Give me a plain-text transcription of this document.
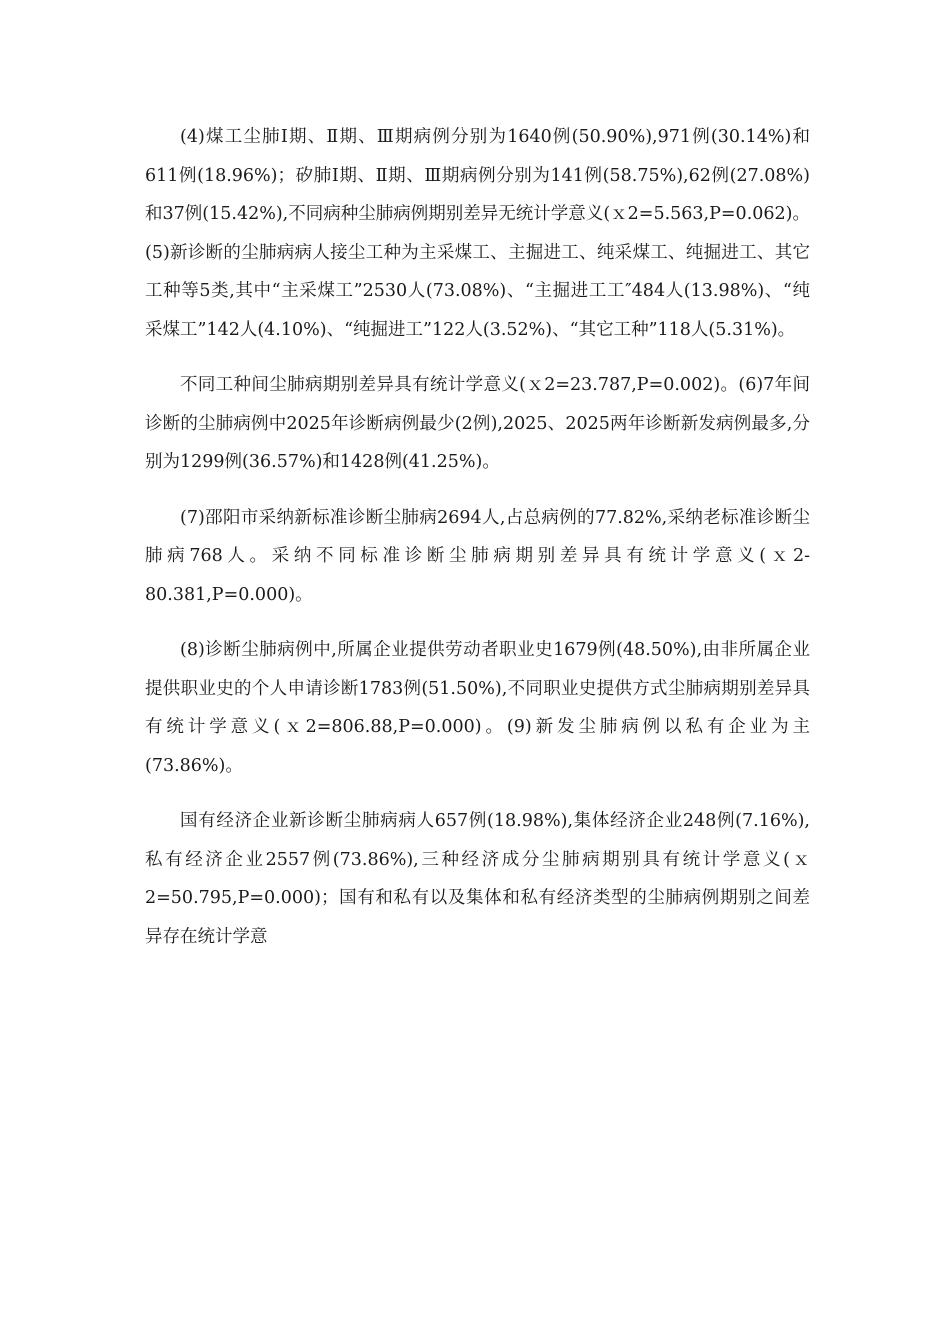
(4)煤工尘肺Ⅰ期、Ⅱ期、Ⅲ期病例分别为1640例(50.90%),971例(30.14%)和611例(18.96%)；矽肺Ⅰ期、Ⅱ期、Ⅲ期病例分别为141例(58.75%),62例(27.08%)和37例(15.42%),不同病种尘肺病例期别差异无统计学意义(ｘ2=5.563,P=0.062)。(5)新诊断的尘肺病病人接尘工种为主采煤工、主掘进工、纯采煤工、纯掘进工、其它工种等5类,其中“主采煤工”2530人(73.08%)、“主掘进工工″484人(13.98%)、“纯采煤工”142人(4.10%)、“纯掘进工”122人(3.52%)、“其它工种”118人(5.31%)。

不同工种间尘肺病期别差异具有统计学意义(ｘ2=23.787,P=0.002)。(6)7年间诊断的尘肺病例中2025年诊断病例最少(2例),2025、2025两年诊断新发病例最多,分别为1299例(36.57%)和1428例(41.25%)。

(7)邵阳市采纳新标准诊断尘肺病2694人,占总病例的77.82%,采纳老标准诊断尘肺病768人。采纳不同标准诊断尘肺病期别差异具有统计学意义(ｘ2-80.381,P=0.000)。

(8)诊断尘肺病例中,所属企业提供劳动者职业史1679例(48.50%),由非所属企业提供职业史的个人申请诊断1783例(51.50%),不同职业史提供方式尘肺病期别差异具有统计学意义(ｘ2=806.88,P=0.000)。(9)新发尘肺病例以私有企业为主(73.86%)。

国有经济企业新诊断尘肺病病人657例(18.98%),集体经济企业248例(7.16%),私有经济企业2557例(73.86%),三种经济成分尘肺病期别具有统计学意义(ｘ2=50.795,P=0.000)；国有和私有以及集体和私有经济类型的尘肺病例期别之间差异存在统计学意
